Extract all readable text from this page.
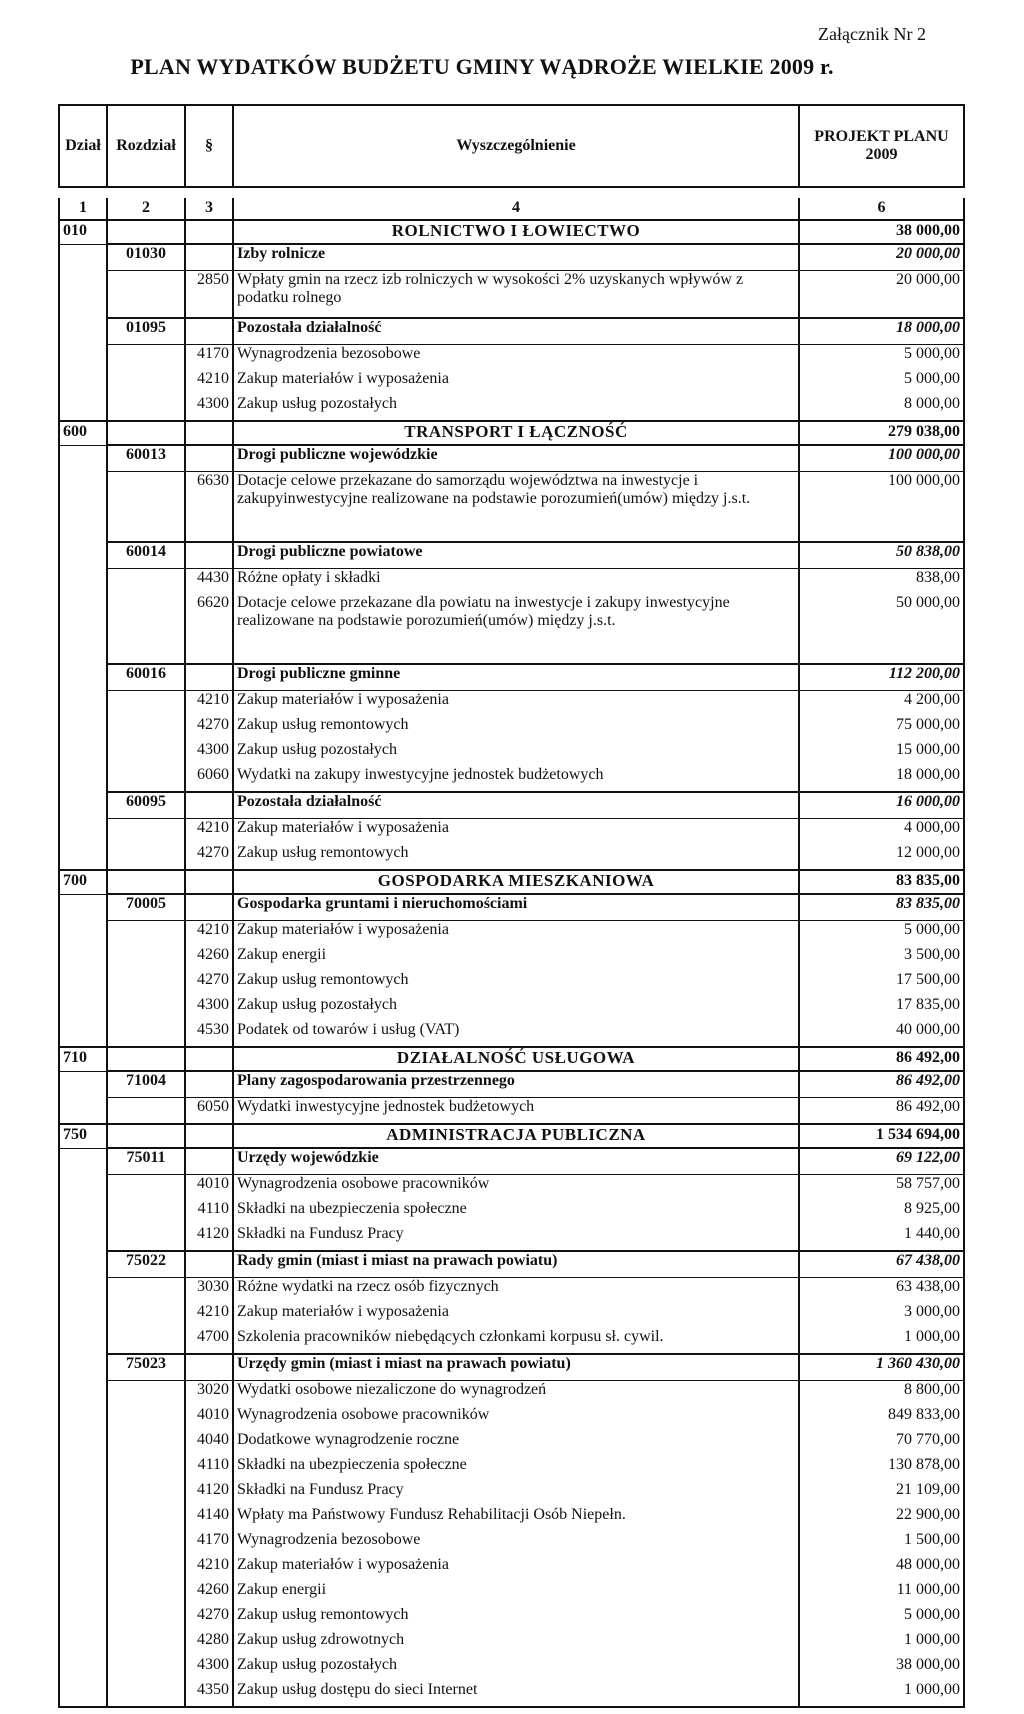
Załącznik Nr 2
PLAN WYDATKÓW BUDŻETU GMINY WĄDROŻE WIELKIE 2009 r.
Dział	Rozdział	§	Wyszczególnienie	PROJEKT PLANU 2009

1	2	3	4	6
010			ROLNICTWO I ŁOWIECTWO	38 000,00
	01030		Izby rolnicze	20 000,00
		2850	Wpłaty gmin na rzecz izb rolniczych w wysokości 2% uzyskanych wpływów z podatku rolnego	20 000,00
	01095		Pozostała działalność	18 000,00
		4170	Wynagrodzenia bezosobowe	5 000,00
		4210	Zakup materiałów i wyposażenia	5 000,00
		4300	Zakup usług pozostałych	8 000,00
600			TRANSPORT I ŁĄCZNOŚĆ	279 038,00
	60013		Drogi publiczne wojewódzkie	100 000,00
		6630	Dotacje celowe przekazane do samorządu województwa na inwestycje i zakupyinwestycyjne realizowane na podstawie porozumień(umów) między j.s.t.	100 000,00
	60014		Drogi publiczne powiatowe	50 838,00
		4430	Różne opłaty i składki	838,00
		6620	Dotacje celowe przekazane dla powiatu na inwestycje i zakupy inwestycyjne realizowane na podstawie porozumień(umów) między j.s.t.	50 000,00
	60016		Drogi publiczne gminne	112 200,00
		4210	Zakup materiałów i wyposażenia	4 200,00
		4270	Zakup usług remontowych	75 000,00
		4300	Zakup usług pozostałych	15 000,00
		6060	Wydatki na zakupy inwestycyjne jednostek budżetowych	18 000,00
	60095		Pozostała działalność	16 000,00
		4210	Zakup materiałów i wyposażenia	4 000,00
		4270	Zakup usług remontowych	12 000,00
700			GOSPODARKA MIESZKANIOWA	83 835,00
	70005		Gospodarka gruntami i nieruchomościami	83 835,00
		4210	Zakup materiałów i wyposażenia	5 000,00
		4260	Zakup energii	3 500,00
		4270	Zakup usług remontowych	17 500,00
		4300	Zakup usług pozostałych	17 835,00
		4530	Podatek od towarów i usług (VAT)	40 000,00
710			DZIAŁALNOŚĆ USŁUGOWA	86 492,00
	71004		Plany zagospodarowania przestrzennego	86 492,00
		6050	Wydatki inwestycyjne jednostek budżetowych	86 492,00
750			ADMINISTRACJA PUBLICZNA	1 534 694,00
	75011		Urzędy wojewódzkie	69 122,00
		4010	Wynagrodzenia osobowe pracowników	58 757,00
		4110	Składki na ubezpieczenia społeczne	8 925,00
		4120	Składki na Fundusz Pracy	1 440,00
	75022		Rady gmin (miast i miast na prawach powiatu)	67 438,00
		3030	Różne wydatki na rzecz osób fizycznych	63 438,00
		4210	Zakup materiałów i wyposażenia	3 000,00
		4700	Szkolenia pracowników niebędących członkami korpusu sł. cywil.	1 000,00
	75023		Urzędy gmin (miast i miast na prawach powiatu)	1 360 430,00
		3020	Wydatki osobowe niezaliczone do wynagrodzeń	8 800,00
		4010	Wynagrodzenia osobowe pracowników	849 833,00
		4040	Dodatkowe wynagrodzenie roczne	70 770,00
		4110	Składki na ubezpieczenia społeczne	130 878,00
		4120	Składki na Fundusz Pracy	21 109,00
		4140	Wpłaty ma Państwowy Fundusz Rehabilitacji Osób Niepełn.	22 900,00
		4170	Wynagrodzenia bezosobowe	1 500,00
		4210	Zakup materiałów i wyposażenia	48 000,00
		4260	Zakup energii	11 000,00
		4270	Zakup usług remontowych	5 000,00
		4280	Zakup usług zdrowotnych	1 000,00
		4300	Zakup usług pozostałych	38 000,00
		4350	Zakup usług dostępu do sieci Internet	1 000,00
